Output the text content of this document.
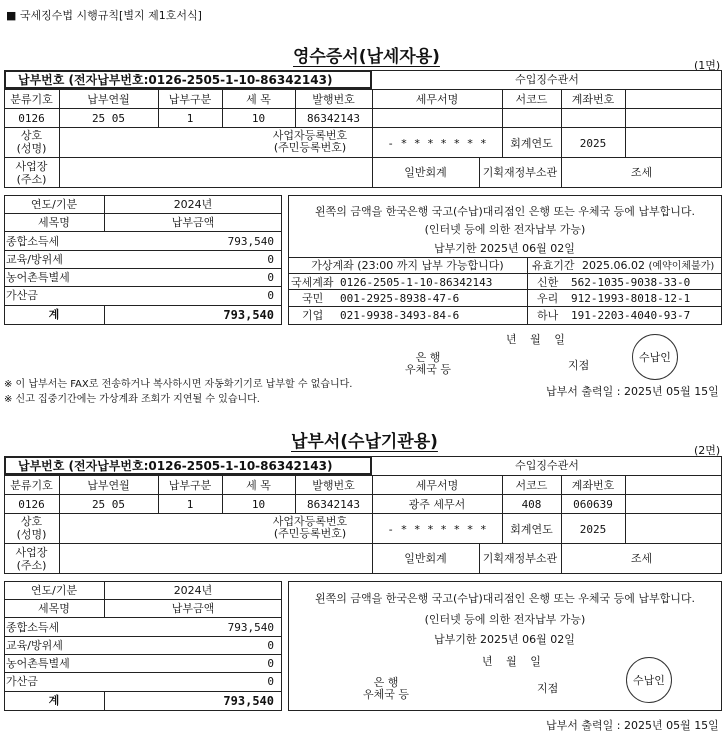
■ 국세징수법 시행규칙[별지 제1호서식]
영수증서(납세자용)	(1면)
납부번호 (전자납부번호:0126-2505-1-10-86342143)	수입징수관서
분류기호	납부연월	납부구분	세 목	발행번호	세무서명	서코드	계좌번호
0126	25 05	1	10	86342143
상호
(성명)
사업자등록번호
(주민등록번호)	- * * * * * * *	회계연도	2025
사업장
(주소)
일반회계	기획재정부소관	조세
연도/기분	2024년
세목명	납부금액
종합소득세	793,540
교육/방위세	0
농어촌특별세	0
가산금	0
계	793,540
왼쪽의 금액을 한국은행 국고(수납)대리점인 은행 또는 우체국 등에 납부합니다.
(인터넷 등에 의한 전자납부 가능)
납부기한 2025년 06월 02일
가상계좌 (23:00 까지 납부 가능합니다)	유효기간 2025.06.02 (예약이체불가)
국세계좌 0126-2505-1-10-86342143	신한 562-1035-9038-33-0
국민 001-2925-8938-47-6	우리 912-1993-8018-12-1
기업 021-9938-3493-84-6	하나 191-2203-4040-93-7
년 월 일
은 행
우체국 등	지점
수납인
※ 이 납부서는 FAX로 전송하거나 복사하시면 자동화기기로 납부할 수 없습니다.
※ 신고 집중기간에는 가상계좌 조회가 지연될 수 있습니다.
납부서 출력일 : 2025년 05월 15일
납부서(수납기관용)	(2면)
납부번호 (전자납부번호:0126-2505-1-10-86342143)	수입징수관서
분류기호	납부연월	납부구분	세 목	발행번호	세무서명	서코드	계좌번호
0126	25 05	1	10	86342143	광주 세무서	408	060639
상호
(성명)
사업자등록번호
(주민등록번호)	- * * * * * * *	회계연도	2025
사업장
(주소)
일반회계	기획재정부소관	조세
연도/기분	2024년
세목명	납부금액
종합소득세	793,540
교육/방위세	0
농어촌특별세	0
가산금	0
계	793,540
왼쪽의 금액을 한국은행 국고(수납)대리점인 은행 또는 우체국 등에 납부합니다.
(인터넷 등에 의한 전자납부 가능)
납부기한 2025년 06월 02일
년 월 일
은 행
우체국 등	지점
수납인
납부서 출력일 : 2025년 05월 15일
